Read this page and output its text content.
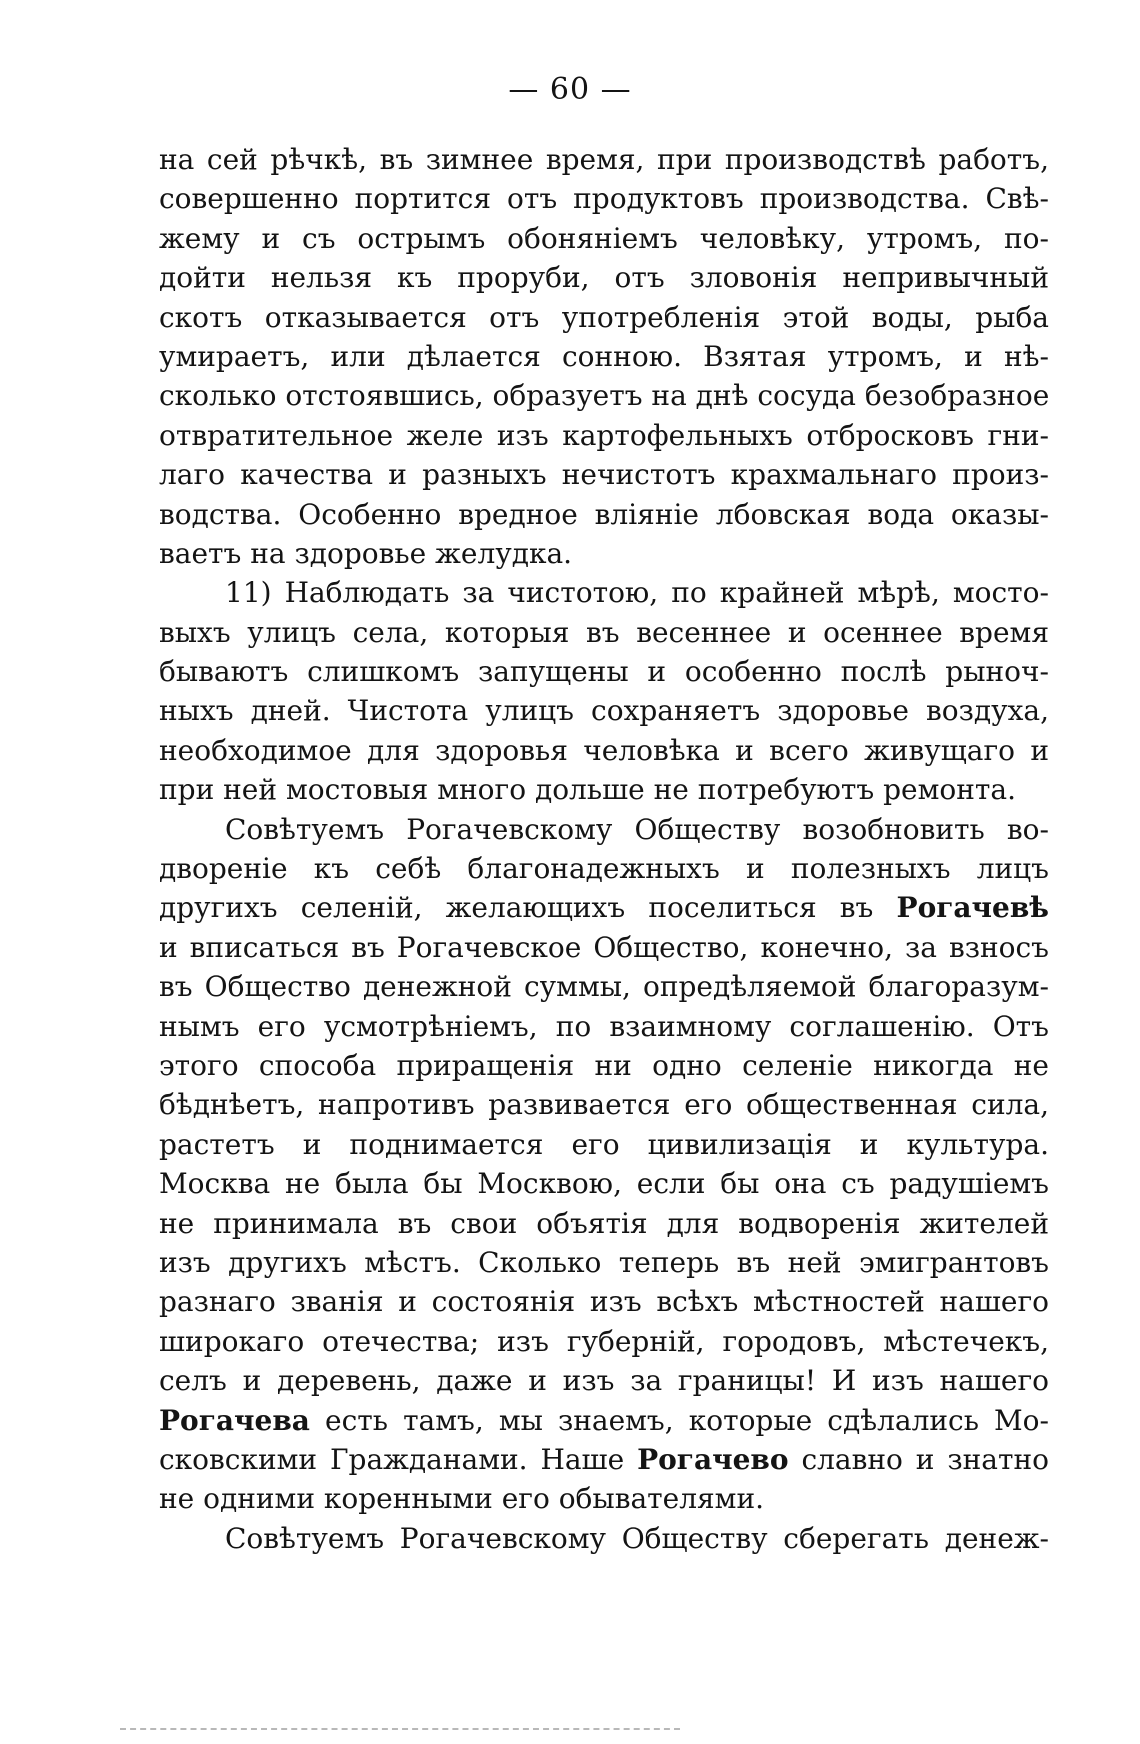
— 60 —
на сей рѣчкѣ, въ зимнее время, при производствѣ работъ,
совершенно портится отъ продуктовъ производства. Свѣ-
жему и съ острымъ обоняніемъ человѣку, утромъ, по-
дойти нельзя къ проруби, отъ зловонія непривычный
скотъ отказывается отъ употребленія этой воды, рыба
умираетъ, или дѣлается сонною. Взятая утромъ, и нѣ-
сколько отстоявшись, образуетъ на днѣ сосуда безобразное
отвратительное желе изъ картофельныхъ отбросковъ гни-
лаго качества и разныхъ нечистотъ крахмальнаго произ-
водства. Особенно вредное вліяніе лбовская вода оказы-
ваетъ на здоровье желудка.
11) Наблюдать за чистотою, по крайней мѣрѣ, мосто-
выхъ улицъ села, которыя въ весеннее и осеннее время
бываютъ слишкомъ запущены и особенно послѣ рыноч-
ныхъ дней. Чистота улицъ сохраняетъ здоровье воздуха,
необходимое для здоровья человѣка и всего живущаго и
при ней мостовыя много дольше не потребуютъ ремонта.
Совѣтуемъ Рогачевскому Обществу возобновить во-
двореніе къ себѣ благонадежныхъ и полезныхъ лицъ
другихъ селеній, желающихъ поселиться въ Рогачевѣ
и вписаться въ Рогачевское Общество, конечно, за взносъ
въ Общество денежной суммы, опредѣляемой благоразум-
нымъ его усмотрѣніемъ, по взаимному соглашенію. Отъ
этого способа приращенія ни одно селеніе никогда не
бѣднѣетъ, напротивъ развивается его общественная сила,
растетъ и поднимается его цивилизація и культура.
Москва не была бы Москвою, если бы она съ радушіемъ
не принимала въ свои объятія для водворенія жителей
изъ другихъ мѣстъ. Сколько теперь въ ней эмигрантовъ
разнаго званія и состоянія изъ всѣхъ мѣстностей нашего
широкаго отечества; изъ губерній, городовъ, мѣстечекъ,
селъ и деревень, даже и изъ за границы! И изъ нашего
Рогачева есть тамъ, мы знаемъ, которые сдѣлались Мо-
сковскими Гражданами. Наше Рогачево славно и знатно
не одними коренными его обывателями.
Совѣтуемъ Рогачевскому Обществу сберегать денеж-
